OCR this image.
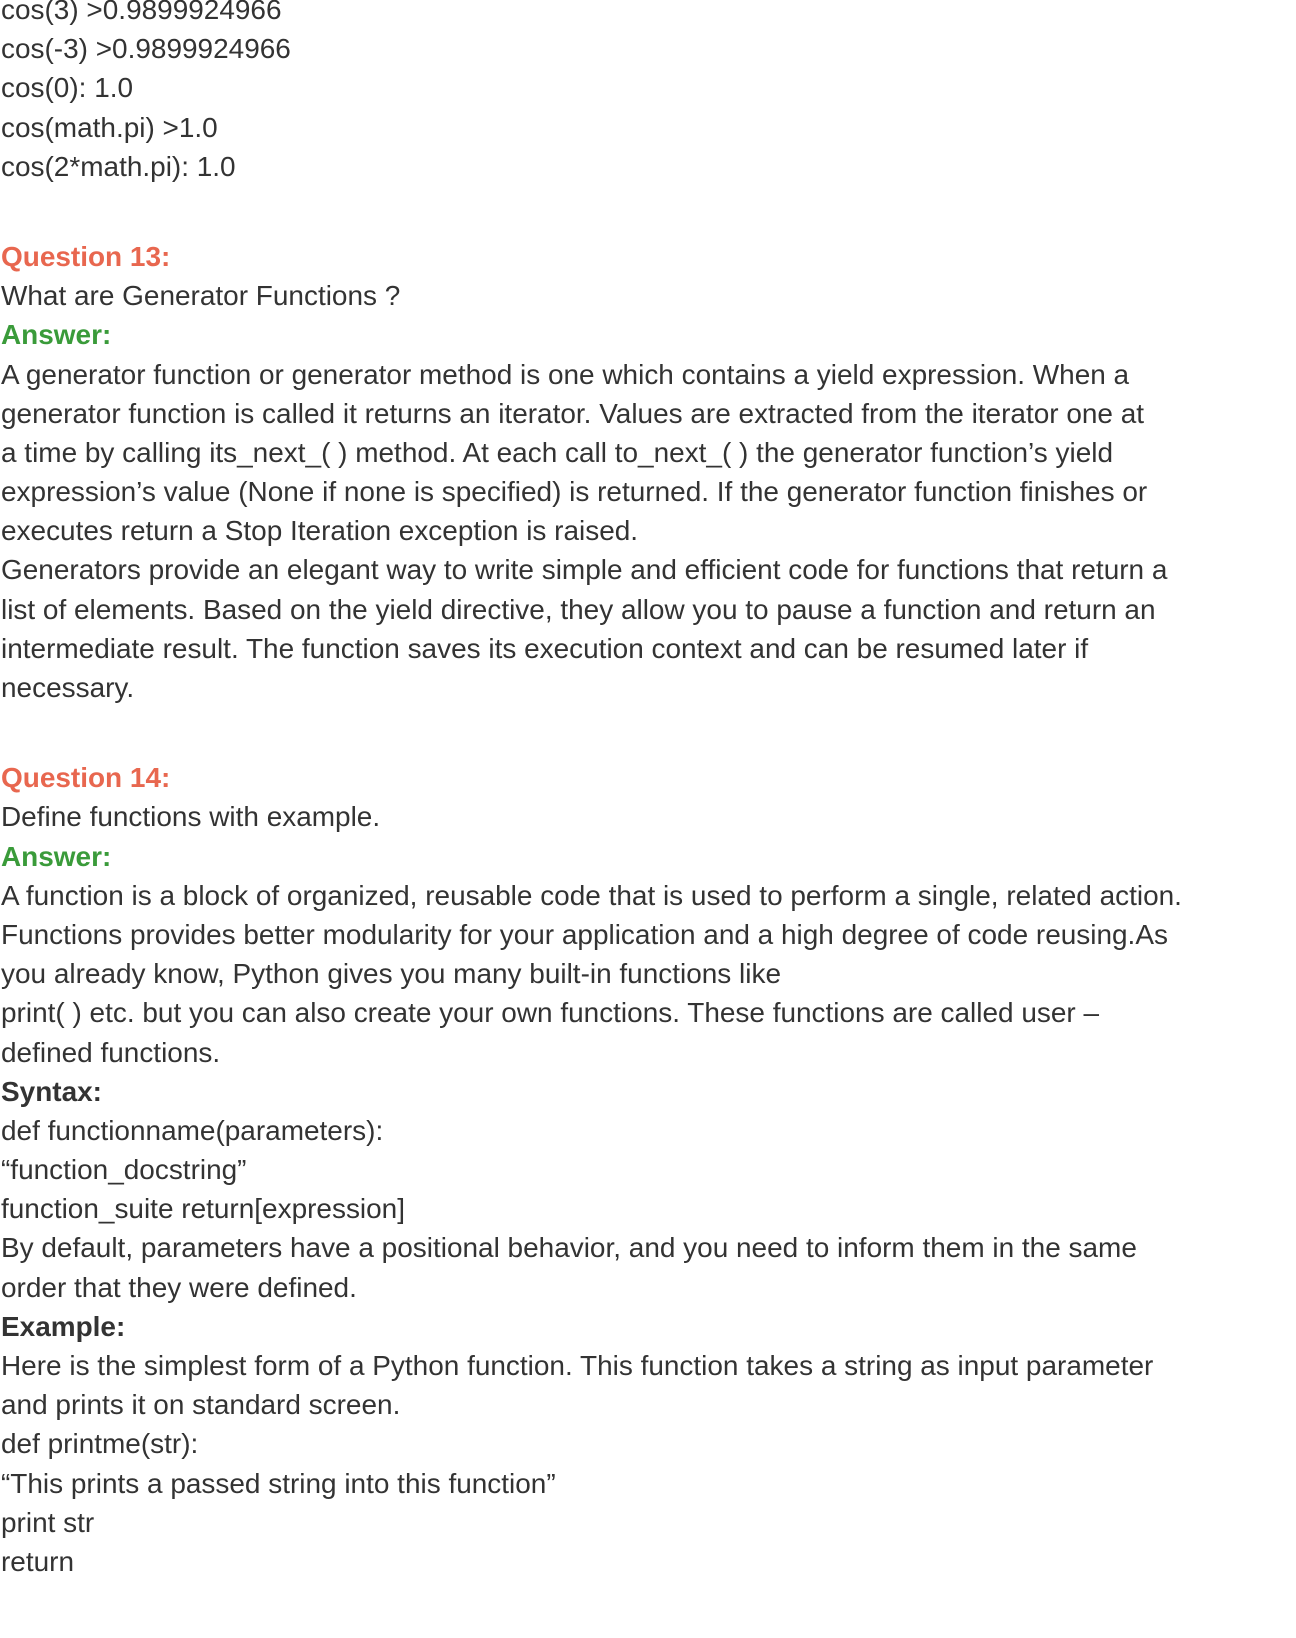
cos(3) >0.9899924966

cos(-3) >0.9899924966

cos(0): 1.0

cos(math.pi) >1.0

cos(2*math.pi): 1.0

Question 13:

What are Generator Functions ?

Answer:

A generator function or generator method is one which contains a yield expression. When a

generator function is called it returns an iterator. Values are extracted from the iterator one at

a time by calling its_next_( ) method. At each call to_next_( ) the generator function’s yield

expression’s value (None if none is specified) is returned. If the generator function finishes or

executes return a Stop Iteration exception is raised.

Generators provide an elegant way to write simple and efficient code for functions that return a

list of elements. Based on the yield directive, they allow you to pause a function and return an

intermediate result. The function saves its execution context and can be resumed later if

necessary.

Question 14:

Define functions with example.

Answer:

A function is a block of organized, reusable code that is used to perform a single, related action.

Functions provides better modularity for your application and a high degree of code reusing.As

you already know, Python gives you many built-in functions like

print( ) etc. but you can also create your own functions. These functions are called user –

defined functions.

Syntax:

def functionname(parameters):

“function_docstring”

function_suite return[expression]

By default, parameters have a positional behavior, and you need to inform them in the same

order that they were defined.

Example:

Here is the simplest form of a Python function. This function takes a string as input parameter

and prints it on standard screen.

def printme(str):

“This prints a passed string into this function”

print str

return
